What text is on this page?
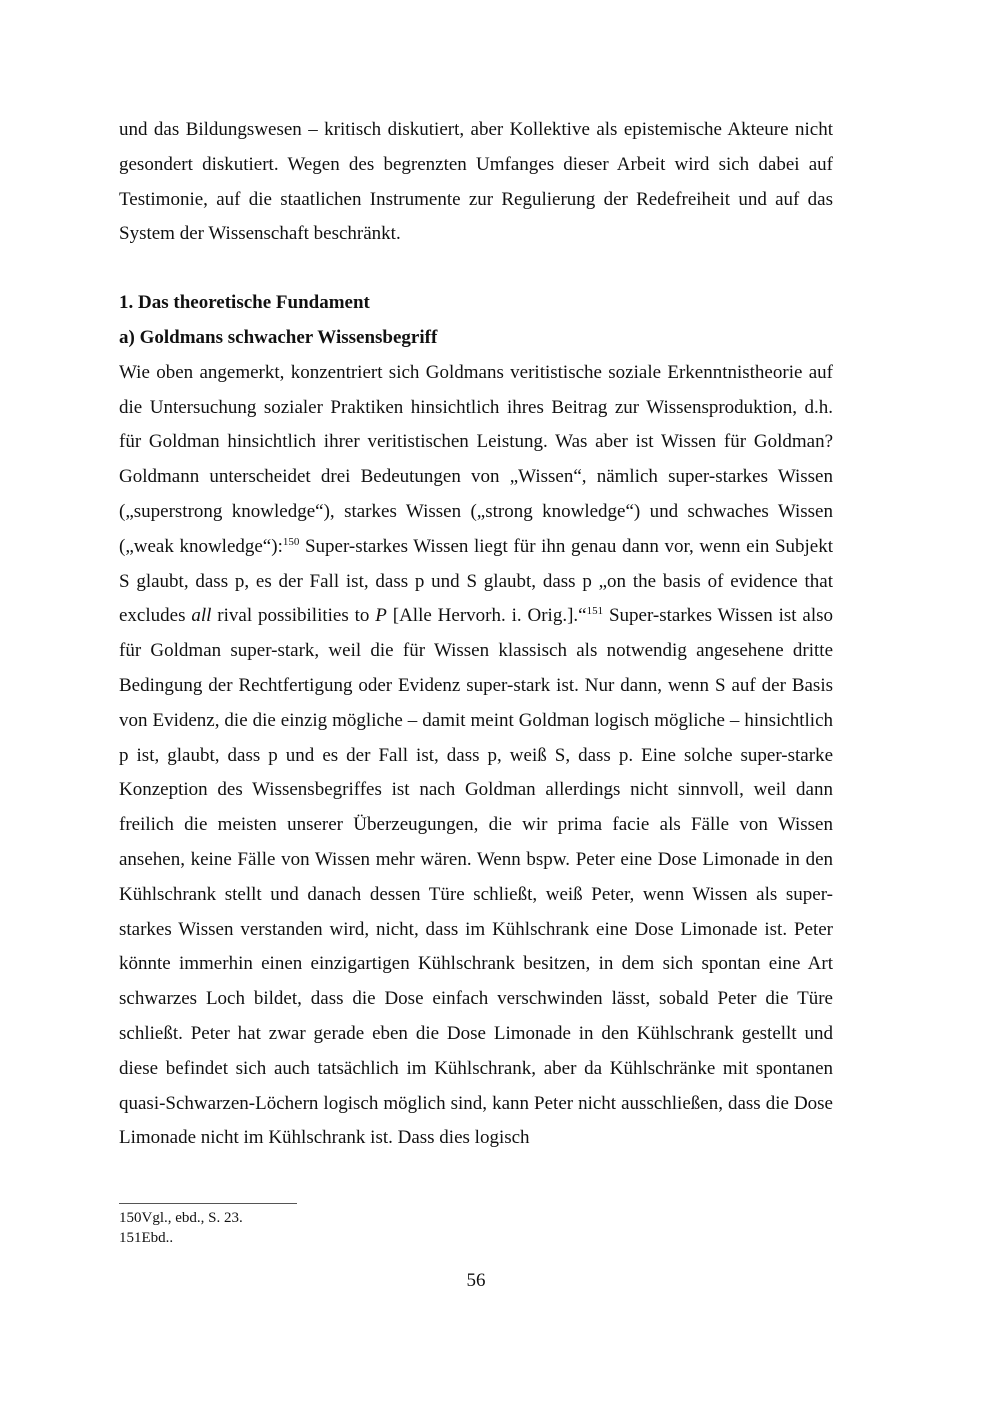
und das Bildungswesen – kritisch diskutiert, aber Kollektive als epistemische Akteure nicht gesondert diskutiert. Wegen des begrenzten Umfanges dieser Arbeit wird sich dabei auf Testimonie, auf die staatlichen Instrumente zur Regulierung der Redefreiheit und auf das System der Wissenschaft beschränkt.

1. Das theoretische Fundament

a) Goldmans schwacher Wissensbegriff

Wie oben angemerkt, konzentriert sich Goldmans veritistische soziale Erkenntnistheorie auf die Untersuchung sozialer Praktiken hinsichtlich ihres Beitrag zur Wissensproduktion, d.h. für Goldman hinsichtlich ihrer veritistischen Leistung. Was aber ist Wissen für Goldman? Goldmann unterscheidet drei Bedeutungen von „Wissen“, nämlich super-starkes Wissen („superstrong knowledge“), starkes Wissen („strong knowledge“) und schwaches Wissen („weak knowledge“):$^{150}$ Super-starkes Wissen liegt für ihn genau dann vor, wenn ein Subjekt S glaubt, dass p, es der Fall ist, dass p und S glaubt, dass p „on the basis of evidence that excludes all rival possibilities to P [Alle Hervorh. i. Orig.].“$^{151}$ Super-starkes Wissen ist also für Goldman super-stark, weil die für Wissen klassisch als notwendig angesehene dritte Bedingung der Rechtfertigung oder Evidenz super-stark ist. Nur dann, wenn S auf der Basis von Evidenz, die die einzig mögliche – damit meint Goldman logisch mögliche – hinsichtlich p ist, glaubt, dass p und es der Fall ist, dass p, weiß S, dass p. Eine solche super-starke Konzeption des Wissensbegriffes ist nach Goldman allerdings nicht sinnvoll, weil dann freilich die meisten unserer Überzeugungen, die wir prima facie als Fälle von Wissen ansehen, keine Fälle von Wissen mehr wären. Wenn bspw. Peter eine Dose Limonade in den Kühlschrank stellt und danach dessen Türe schließt, weiß Peter, wenn Wissen als super-starkes Wissen verstanden wird, nicht, dass im Kühlschrank eine Dose Limonade ist. Peter könnte immerhin einen einzigartigen Kühlschrank besitzen, in dem sich spontan eine Art schwarzes Loch bildet, dass die Dose einfach verschwinden lässt, sobald Peter die Türe schließt. Peter hat zwar gerade eben die Dose Limonade in den Kühlschrank gestellt und diese befindet sich auch tatsächlich im Kühlschrank, aber da Kühlschränke mit spontanen quasi-Schwarzen-Löchern logisch möglich sind, kann Peter nicht ausschließen, dass die Dose Limonade nicht im Kühlschrank ist. Dass dies logisch

150Vgl., ebd., S. 23.

151Ebd..

56
